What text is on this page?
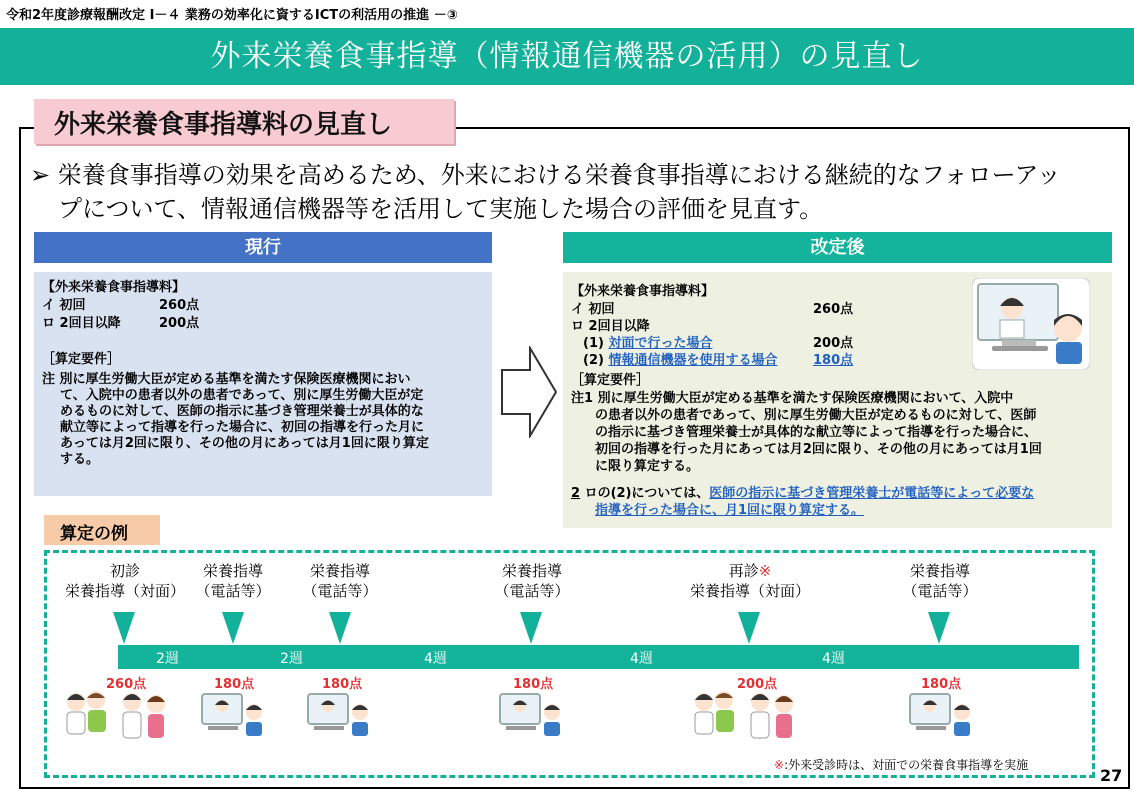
令和2年度診療報酬改定 Ⅰ－４ 業務の効率化に資するICTの利活用の推進 －③
外来栄養食事指導（情報通信機器の活用）の見直し
外来栄養食事指導料の見直し
➢ 栄養食事指導の効果を高めるため、外来における栄養食事指導における継続的なフォローアッ
プについて、情報通信機器等を活用して実施した場合の評価を見直す。
現行
【外来栄養食事指導料】
イ 初回	260点
ロ 2回目以降	200点
［算定要件］
注 別に厚生労働大臣が定める基準を満たす保険医療機関におい
て、入院中の患者以外の患者であって、別に厚生労働大臣が定
めるものに対して、医師の指示に基づき管理栄養士が具体的な
献立等によって指導を行った場合に、初回の指導を行った月に
あっては月2回に限り、その他の月にあっては月1回に限り算定
する。
改定後
【外来栄養食事指導料】
イ 初回	260点
ロ 2回目以降
(1) 対面で行った場合	200点
(2) 情報通信機器を使用する場合	180点
［算定要件］
注1 別に厚生労働大臣が定める基準を満たす保険医療機関において、入院中
の患者以外の患者であって、別に厚生労働大臣が定めるものに対して、医師
の指示に基づき管理栄養士が具体的な献立等によって指導を行った場合に、
初回の指導を行った月にあっては月2回に限り、その他の月にあっては月1回
に限り算定する。
2 ロの(2)については、医師の指示に基づき管理栄養士が電話等によって必要な
指導を行った場合に、月1回に限り算定する。
算定の例
初診
栄養指導（対面）
栄養指導
（電話等）
栄養指導
（電話等）
栄養指導
（電話等）
再診※
栄養指導（対面）
栄養指導
（電話等）
2週	2週	4週	4週	4週
260点	180点	180点	180点	200点	180点
※:外来受診時は、対面での栄養食事指導を実施
27
